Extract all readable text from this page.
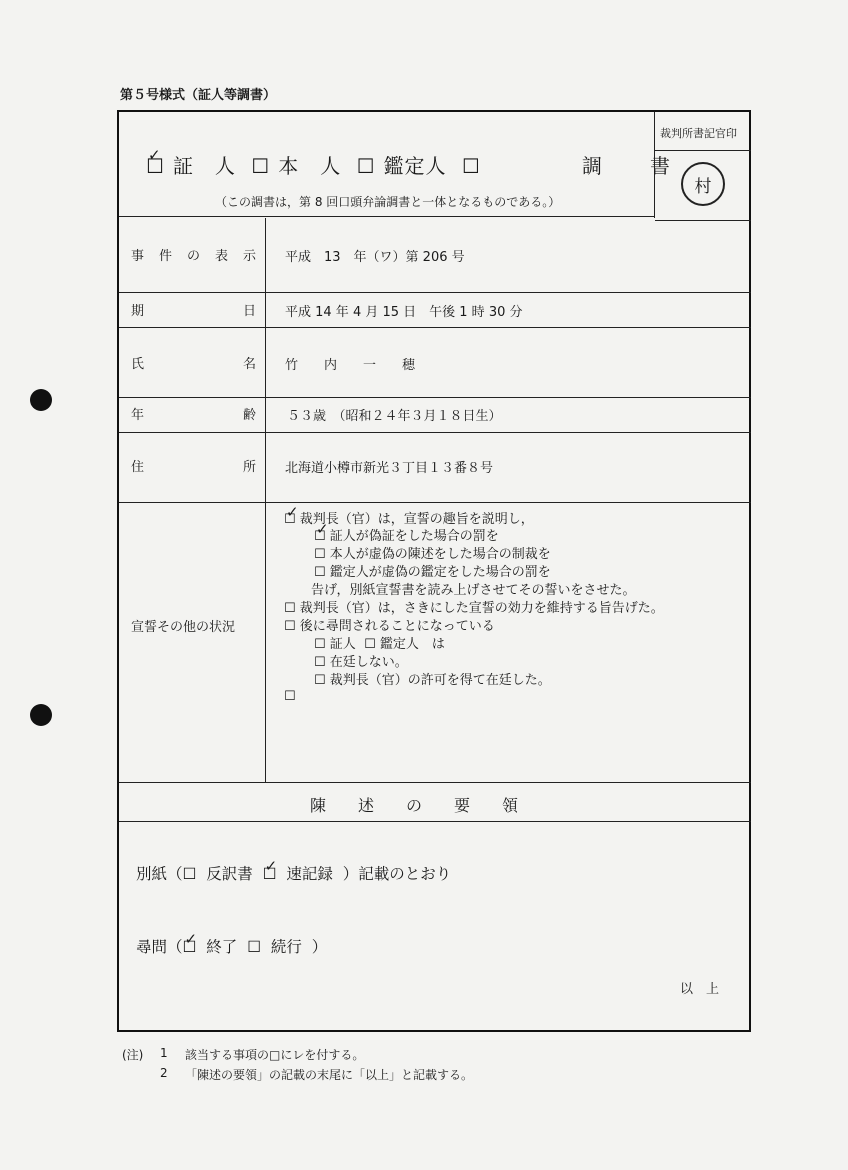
第５号様式（証人等調書）
☐ ✓ 証　人 ☐ 本　人 ☐ 鑑定人 ☐	調　書
（この調書は，第 8 回口頭弁論調書と一体となるものである。）
裁判所書記官印
村
事　件　の　表　示 平成　13　年（ワ）第 206 号
期	日 平成 14 年 4 月 15 日　午後 1 時 30 分
氏	名 竹　　内　　一　　穂
年	齢 ５３歳　（昭和２４年３月１８日生）
住	所 北海道小樽市新光３丁目１３番８号
宣誓その他の状況
☐ ✓ 裁判長（官）は，宣誓の趣旨を説明し，
☐ ✓ 証人が偽証をした場合の罰を
☐ 本人が虚偽の陳述をした場合の制裁を
☐ 鑑定人が虚偽の鑑定をした場合の罰を
告げ，別紙宣誓書を読み上げさせてその誓いをさせた。
☐ 裁判長（官）は，さきにした宣誓の効力を維持する旨告げた。
☐ 後に尋問されることになっている
☐ 証人 ☐ 鑑定人　は
☐ 在廷しない。
☐ 裁判長（官）の許可を得て在廷した。
☐
陳　　述　　の　　要　　領
別紙（☐ 反訳書 ☐ ✓ 速記録 ）記載のとおり
尋問（☐ ✓ 終了 ☐ 続行 ）
以　上
(注) 1 該当する事項の□にレを付する。
2 「陳述の要領」の記載の末尾に「以上」と記載する。
